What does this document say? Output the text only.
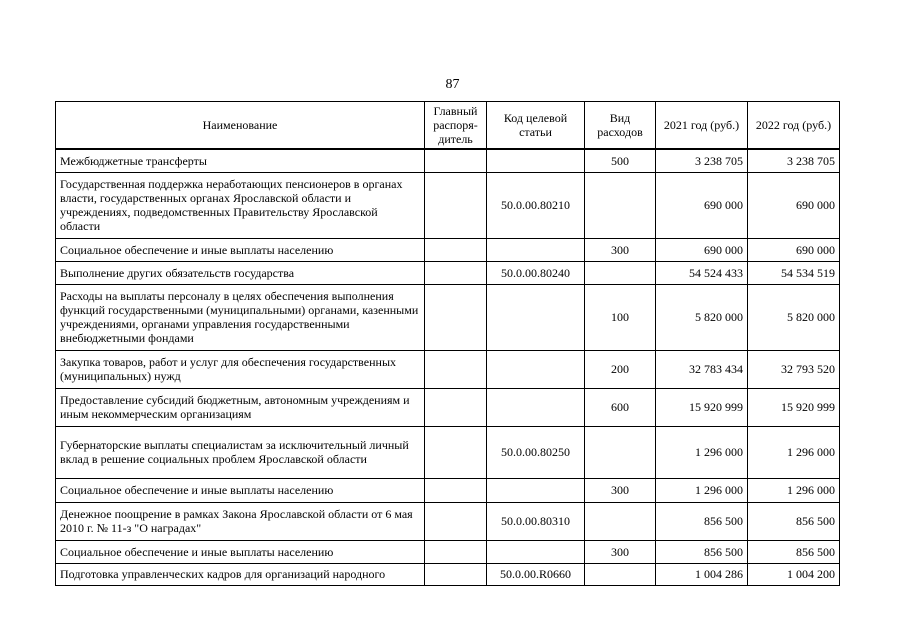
87
Наименование	Главный распоря-дитель	Код целевой статьи	Вид расходов	2021 год (руб.)	2022 год (руб.)
Межбюджетные трансферты			500	3 238 705	3 238 705
Государственная поддержка неработающих пенсионеров в органах власти, государственных органах Ярославской области и учреждениях, подведомственных Правительству Ярославской области		50.0.00.80210		690 000	690 000
Социальное обеспечение и иные выплаты населению			300	690 000	690 000
Выполнение других обязательств государства		50.0.00.80240		54 524 433	54 534 519
Расходы на выплаты персоналу в целях обеспечения выполнения функций государственными (муниципальными) органами, казенными учреждениями, органами управления государственными внебюджетными фондами			100	5 820 000	5 820 000
Закупка товаров, работ и услуг для обеспечения государственных (муниципальных) нужд			200	32 783 434	32 793 520
Предоставление субсидий бюджетным, автономным учреждениям и иным некоммерческим организациям			600	15 920 999	15 920 999
Губернаторские выплаты специалистам за исключительный личный вклад в решение социальных проблем Ярославской области		50.0.00.80250		1 296 000	1 296 000
Социальное обеспечение и иные выплаты населению			300	1 296 000	1 296 000
Денежное поощрение в рамках Закона Ярославской области от 6 мая 2010 г. № 11-з "О наградах"		50.0.00.80310		856 500	856 500
Социальное обеспечение и иные выплаты населению			300	856 500	856 500
Подготовка управленческих кадров для организаций народного		50.0.00.R0660		1 004 286	1 004 200
